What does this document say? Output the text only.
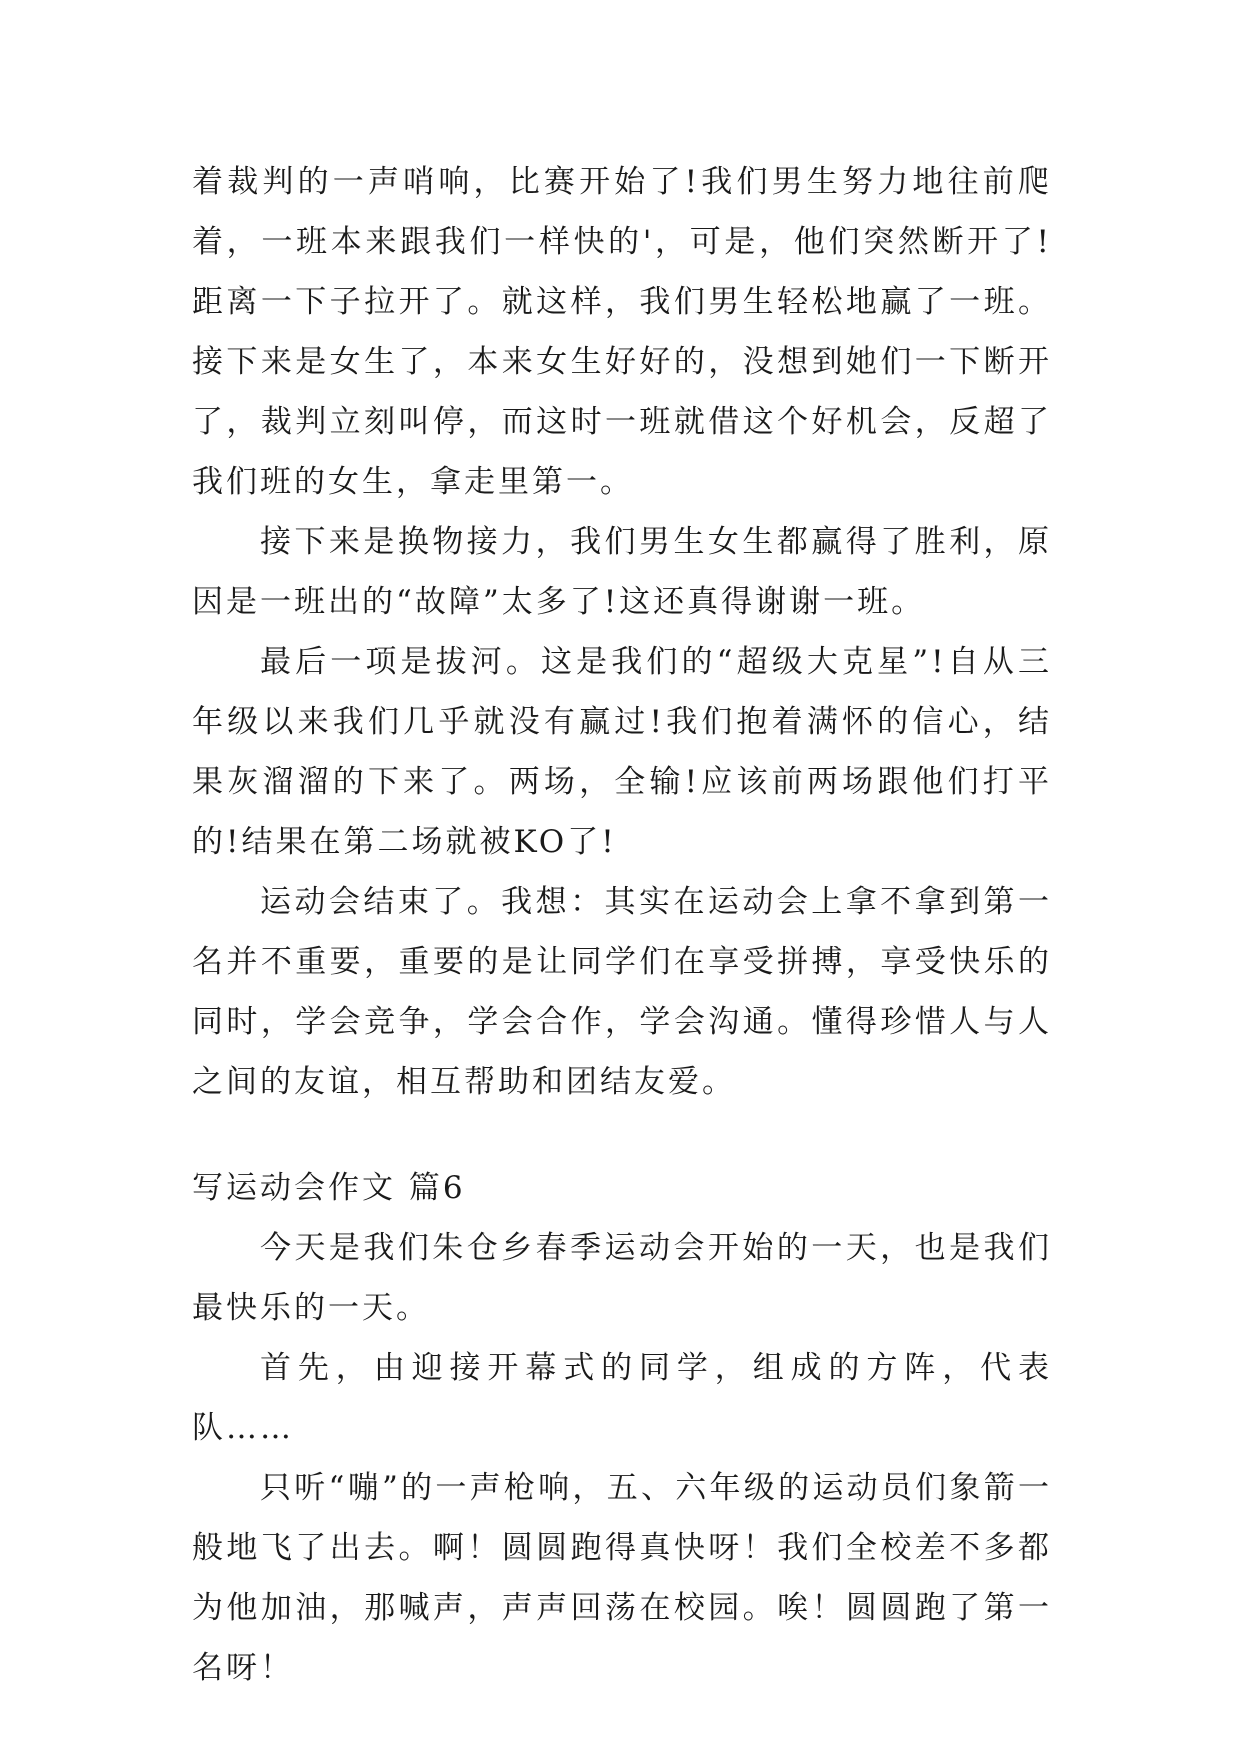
着裁判的一声哨响，比赛开始了!我们男生努力地往前爬着，一班本来跟我们一样快的'，可是，他们突然断开了!距离一下子拉开了。就这样，我们男生轻松地赢了一班。接下来是女生了，本来女生好好的，没想到她们一下断开了，裁判立刻叫停，而这时一班就借这个好机会，反超了我们班的女生，拿走里第一。

接下来是换物接力，我们男生女生都赢得了胜利，原因是一班出的“故障”太多了!这还真得谢谢一班。

最后一项是拔河。这是我们的“超级大克星”!自从三年级以来我们几乎就没有赢过!我们抱着满怀的信心，结果灰溜溜的下来了。两场，全输!应该前两场跟他们打平的!结果在第二场就被KO了!

运动会结束了。我想：其实在运动会上拿不拿到第一名并不重要，重要的是让同学们在享受拼搏，享受快乐的同时，学会竞争，学会合作，学会沟通。懂得珍惜人与人之间的友谊，相互帮助和团结友爱。

写运动会作文 篇6

今天是我们朱仓乡春季运动会开始的一天，也是我们最快乐的一天。

首先，由迎接开幕式的同学，组成的方阵，代表队……

只听“嘣”的一声枪响，五、六年级的运动员们象箭一般地飞了出去。啊！圆圆跑得真快呀！我们全校差不多都为他加油，那喊声，声声回荡在校园。唉！圆圆跑了第一名呀！
